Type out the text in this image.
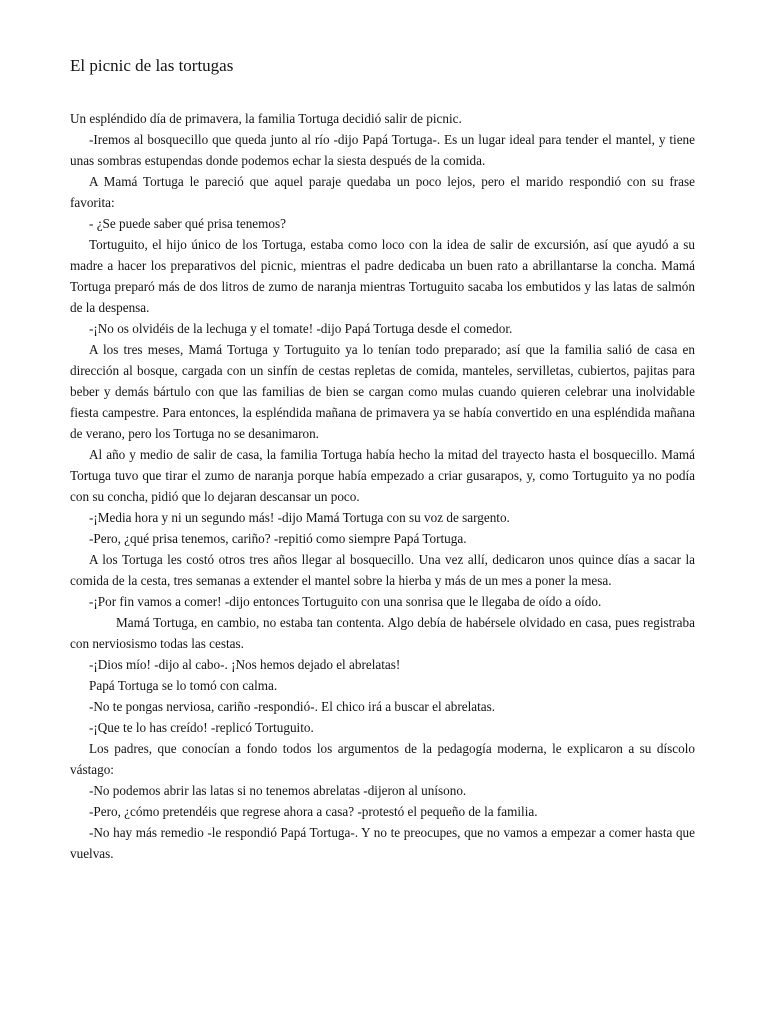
El picnic de las tortugas

Un espléndido día de primavera, la familia Tortuga decidió salir de picnic.

-Iremos al bosquecillo que queda junto al río -dijo Papá Tortuga-. Es un lugar ideal para tender el mantel, y tiene unas sombras estupendas donde podemos echar la siesta después de la comida.

A Mamá Tortuga le pareció que aquel paraje quedaba un poco lejos, pero el marido respondió con su frase favorita:

- ¿Se puede saber qué prisa tenemos?

Tortuguito, el hijo único de los Tortuga, estaba como loco con la idea de salir de excursión, así que ayudó a su madre a hacer los preparativos del picnic, mientras el padre dedicaba un buen rato a abrillantarse la concha. Mamá Tortuga preparó más de dos litros de zumo de naranja mientras Tortuguito sacaba los embutidos y las latas de salmón de la despensa.

-¡No os olvidéis de la lechuga y el tomate! -dijo Papá Tortuga desde el comedor.

A los tres meses, Mamá Tortuga y Tortuguito ya lo tenían todo preparado; así que la familia salió de casa en dirección al bosque, cargada con un sinfín de cestas repletas de comida, manteles, servilletas, cubiertos, pajitas para beber y demás bártulo con que las familias de bien se cargan como mulas cuando quieren celebrar una inolvidable fiesta campestre. Para entonces, la espléndida mañana de primavera ya se había convertido en una espléndida mañana de verano, pero los Tortuga no se desanimaron.

Al año y medio de salir de casa, la familia Tortuga había hecho la mitad del trayecto hasta el bosquecillo. Mamá Tortuga tuvo que tirar el zumo de naranja porque había empezado a criar gusarapos, y, como Tortuguito ya no podía con su concha, pidió que lo dejaran descansar un poco.

-¡Media hora y ni un segundo más! -dijo Mamá Tortuga con su voz de sargento.

-Pero, ¿qué prisa tenemos, cariño? -repitió como siempre Papá Tortuga.

A los Tortuga les costó otros tres años llegar al bosquecillo. Una vez allí, dedicaron unos quince días a sacar la comida de la cesta, tres semanas a extender el mantel sobre la hierba y más de un mes a poner la mesa.

-¡Por fin vamos a comer! -dijo entonces Tortuguito con una sonrisa que le llegaba de oído a oído.

Mamá Tortuga, en cambio, no estaba tan contenta. Algo debía de habérsele olvidado en casa, pues registraba con nerviosismo todas las cestas.

-¡Dios mío! -dijo al cabo-. ¡Nos hemos dejado el abrelatas!

Papá Tortuga se lo tomó con calma.

-No te pongas nerviosa, cariño -respondió-. El chico irá a buscar el abrelatas.

-¡Que te lo has creído! -replicó Tortuguito.

Los padres, que conocían a fondo todos los argumentos de la pedagogía moderna, le explicaron a su díscolo vástago:

-No podemos abrir las latas si no tenemos abrelatas -dijeron al unísono.

-Pero, ¿cómo pretendéis que regrese ahora a casa? -protestó el pequeño de la familia.

-No hay más remedio -le respondió Papá Tortuga-. Y no te preocupes, que no vamos a empezar a comer hasta que vuelvas.
